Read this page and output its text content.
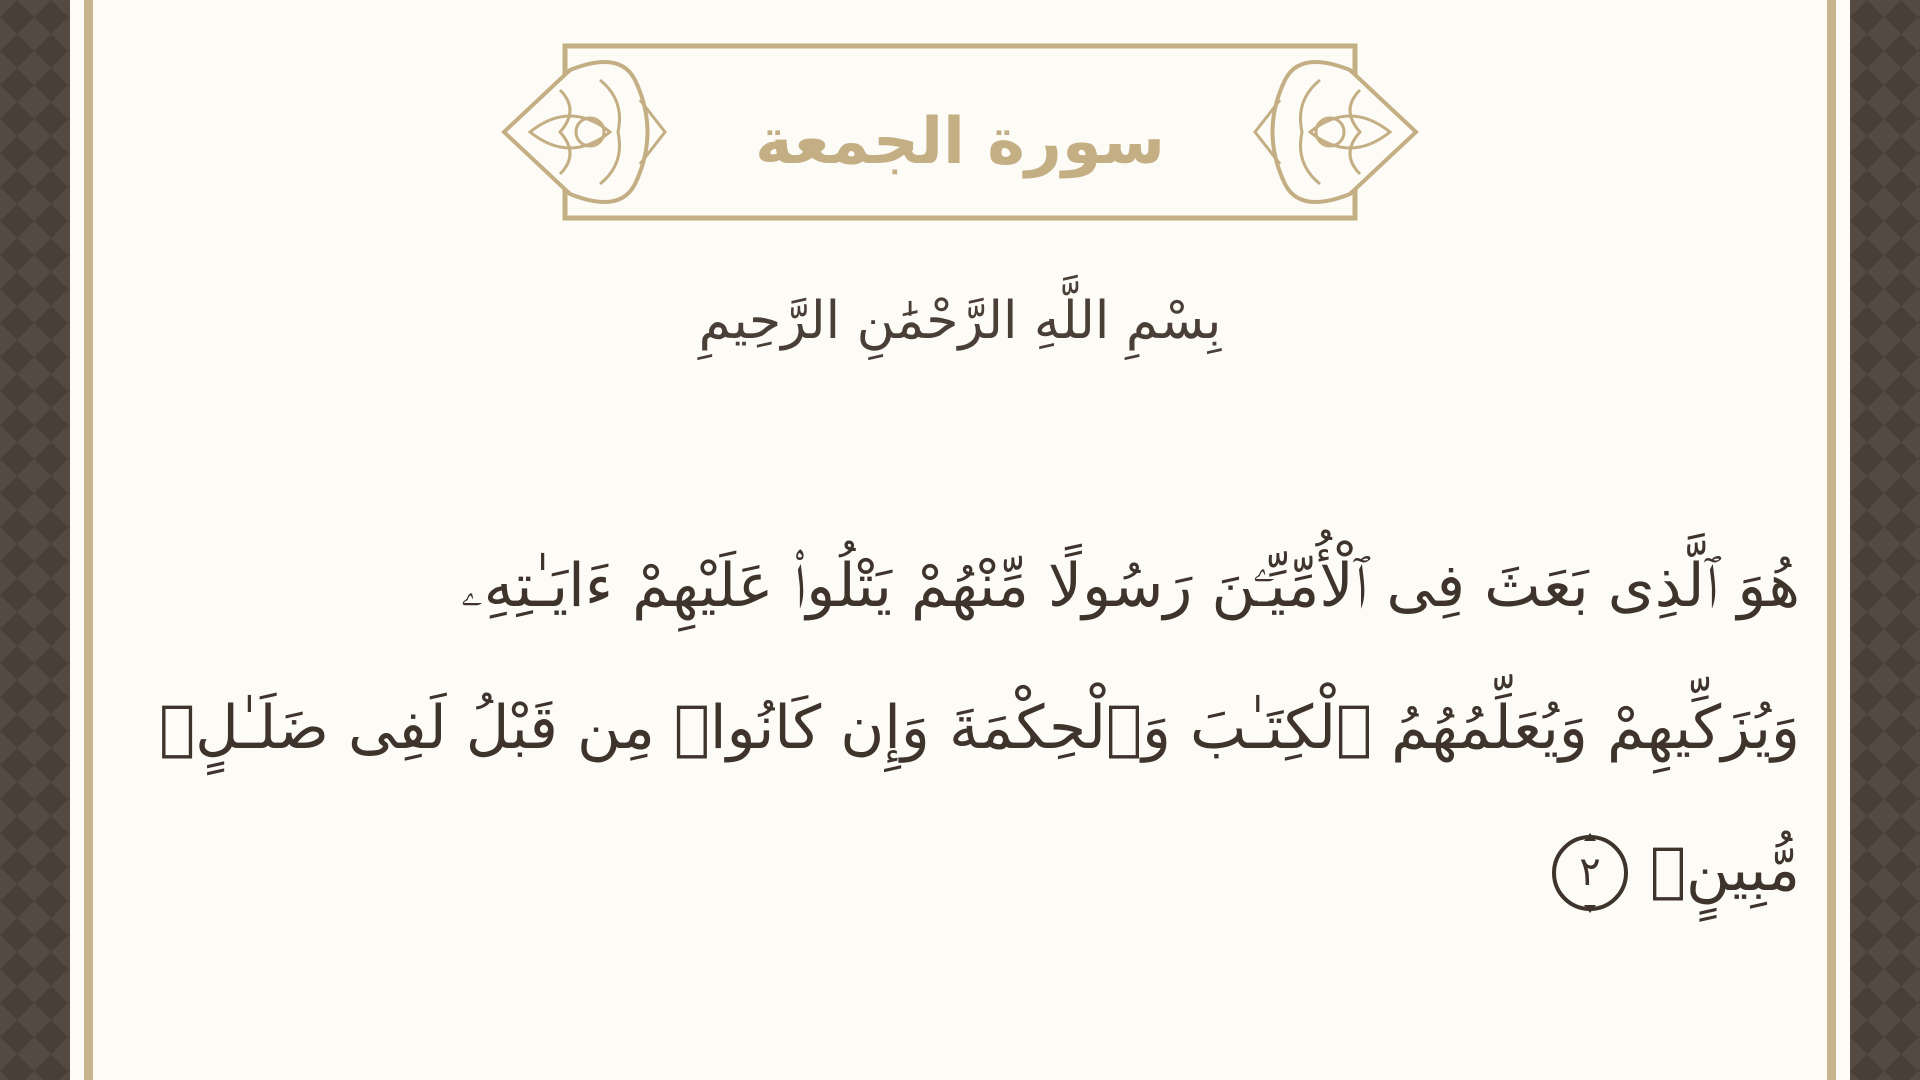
سورة الجمعة
بِسْمِ اللَّهِ الرَّحْمَٰنِ الرَّحِيمِ
هُوَ ٱلَّذِى بَعَثَ فِى ٱلْأُمِّيِّـۧنَ رَسُولًا مِّنْهُمْ يَتْلُوا۟ عَلَيْهِمْ ءَايَـٰتِهِۦ
وَيُزَكِّيهِمْ وَيُعَلِّمُهُمُ ٱلْكِتَـٰبَ وَٱلْحِكْمَةَ وَإِن كَانُوا۟ مِن قَبْلُ لَفِى ضَلَـٰلٍۢ
مُّبِينٍۢ
٢
